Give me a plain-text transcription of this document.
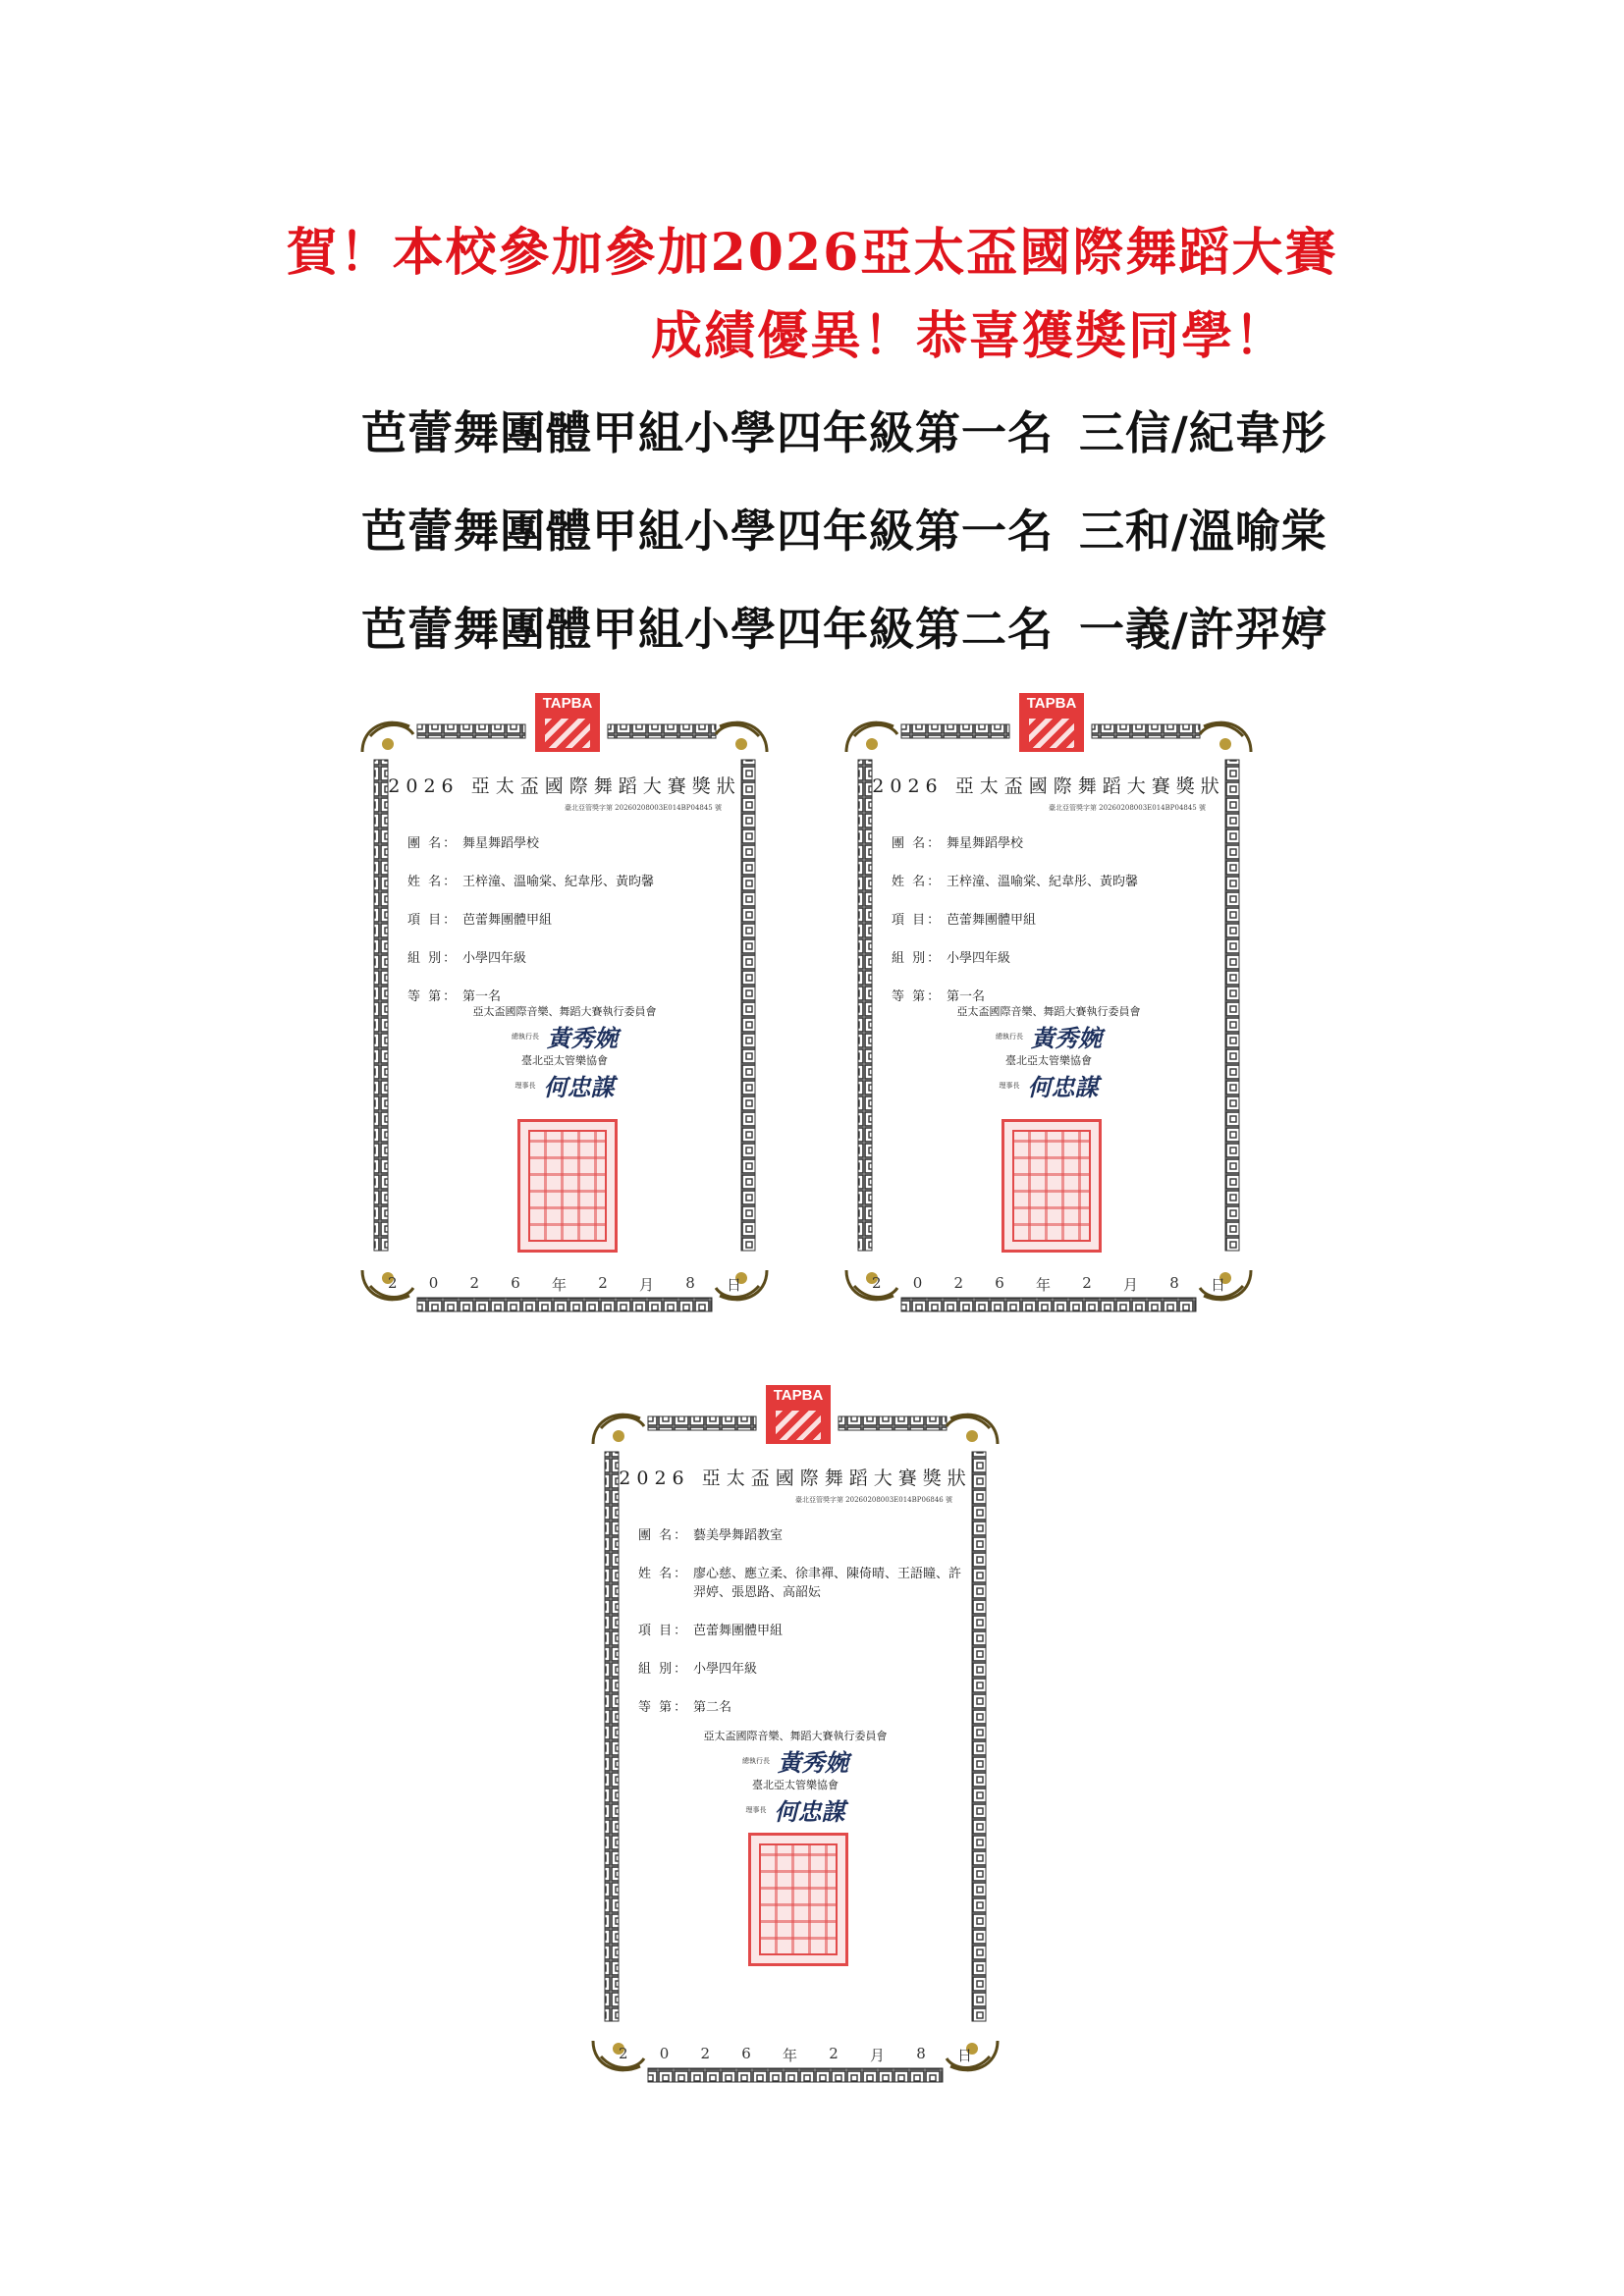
賀！本校參加參加2026亞太盃國際舞蹈大賽
成績優異！恭喜獲獎同學！
芭蕾舞團體甲組小學四年級第一名 三信/紀韋彤
芭蕾舞團體甲組小學四年級第一名 三和/溫喻棠
芭蕾舞團體甲組小學四年級第二名 一義/許羿婷
TAPBA
2026 亞太盃國際舞蹈大賽獎狀
臺北亞管獎字第 20260208003E014BP04845 號
團 名： 舞星舞蹈學校
姓 名： 王梓潼、溫喻棠、紀韋彤、黃昀馨
項 目： 芭蕾舞團體甲組
組 別： 小學四年級
等 第： 第一名
亞太盃國際音樂、舞蹈大賽執行委員會
總執行長 黃秀婉
臺北亞太管樂協會
理事長 何忠謀
2 0 2 6 年 2 月 8 日
TAPBA
2026 亞太盃國際舞蹈大賽獎狀
臺北亞管獎字第 20260208003E014BP04845 號
團 名： 舞星舞蹈學校
姓 名： 王梓潼、溫喻棠、紀韋彤、黃昀馨
項 目： 芭蕾舞團體甲組
組 別： 小學四年級
等 第： 第一名
亞太盃國際音樂、舞蹈大賽執行委員會
總執行長 黃秀婉
臺北亞太管樂協會
理事長 何忠謀
2 0 2 6 年 2 月 8 日
TAPBA
2026 亞太盃國際舞蹈大賽獎狀
臺北亞管獎字第 20260208003E014BP06846 號
團 名： 藝美學舞蹈教室
姓 名： 廖心慈、應立柔、徐聿禪、陳倚晴、王語瞳、許羿婷、張恩路、高韶妘
項 目： 芭蕾舞團體甲組
組 別： 小學四年級
等 第： 第二名
亞太盃國際音樂、舞蹈大賽執行委員會
總執行長 黃秀婉
臺北亞太管樂協會
理事長 何忠謀
2 0 2 6 年 2 月 8 日
